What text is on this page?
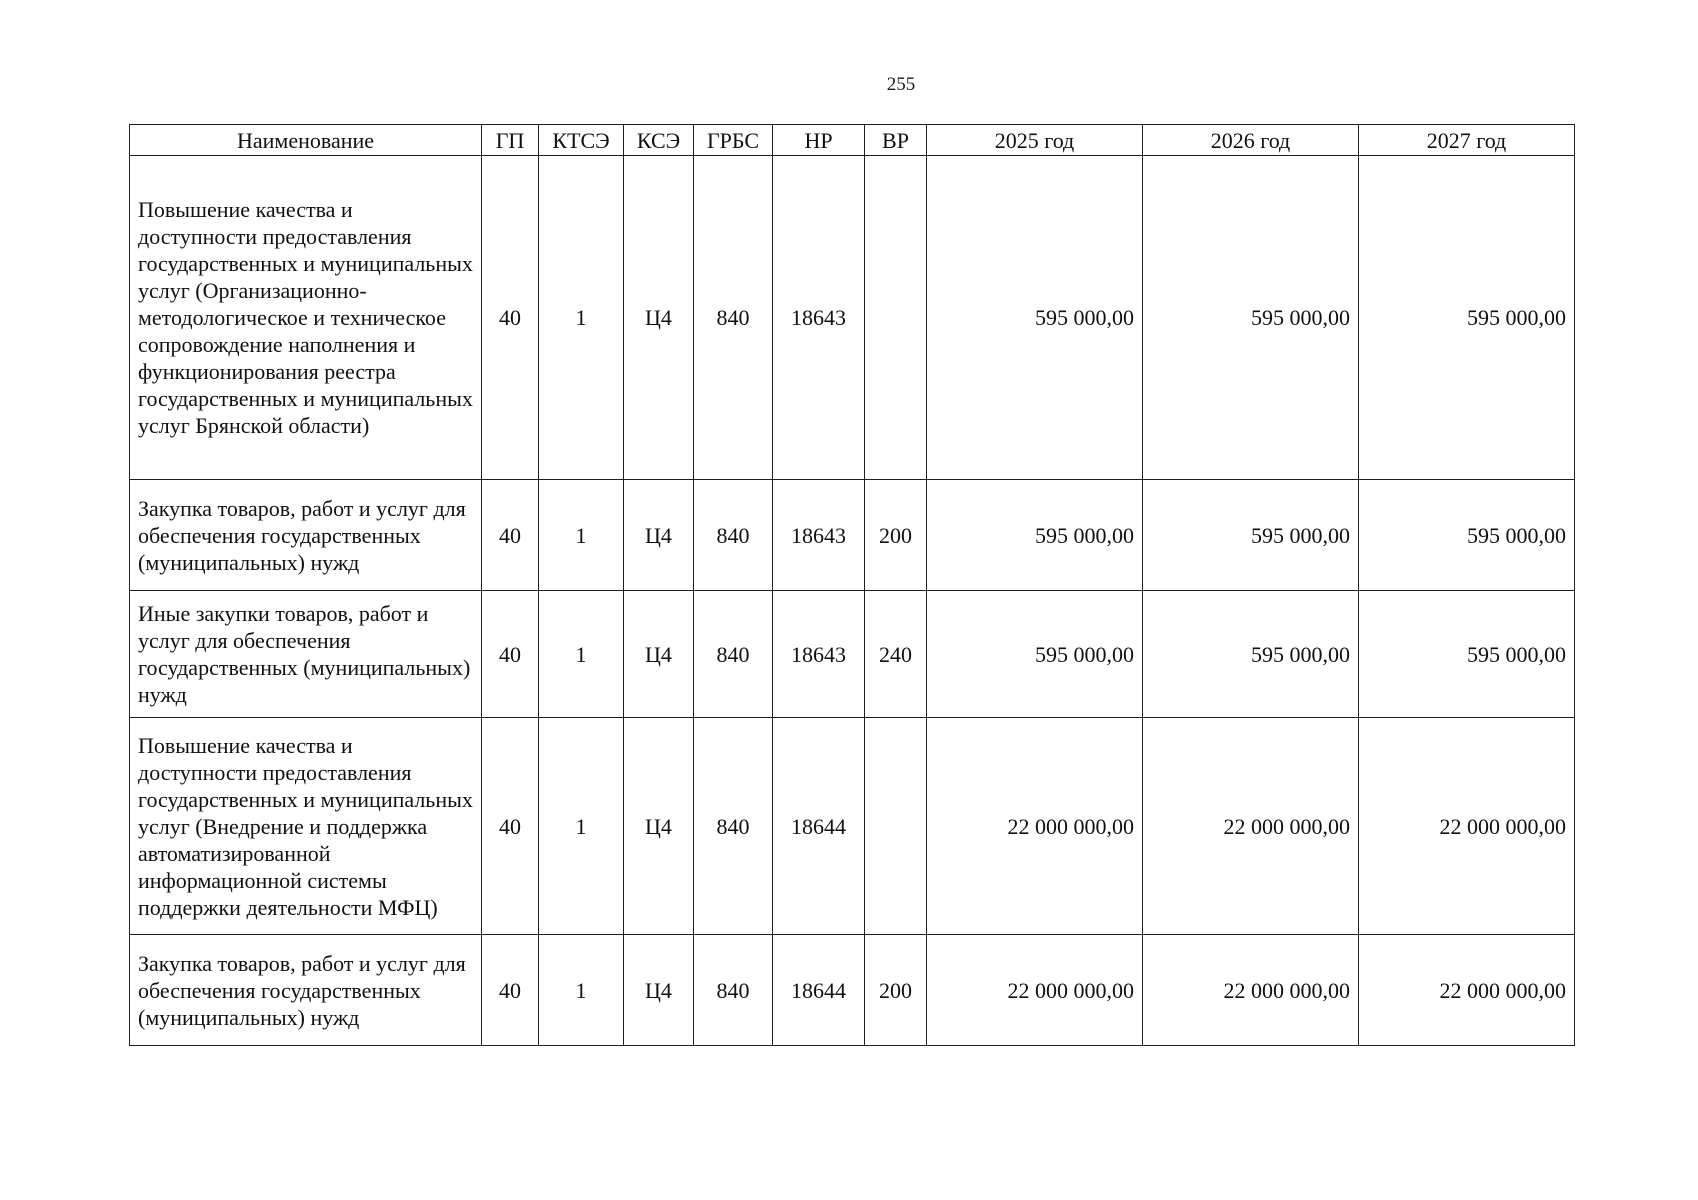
255
Наименование	ГП	КТСЭ	КСЭ	ГРБС	НР	ВР	2025 год	2026 год	2027 год
Повышение качества и доступности предоставления государственных и муниципальных услуг (Организационно-методологическое и техническое сопровождение наполнения и функционирования реестра государственных и муниципальных услуг Брянской области)	40	1	Ц4	840	18643		595 000,00	595 000,00	595 000,00
Закупка товаров, работ и услуг для обеспечения государственных (муниципальных) нужд	40	1	Ц4	840	18643	200	595 000,00	595 000,00	595 000,00
Иные закупки товаров, работ и услуг для обеспечения государственных (муниципальных) нужд	40	1	Ц4	840	18643	240	595 000,00	595 000,00	595 000,00
Повышение качества и доступности предоставления государственных и муниципальных услуг (Внедрение и поддержка автоматизированной информационной системы поддержки деятельности МФЦ)	40	1	Ц4	840	18644		22 000 000,00	22 000 000,00	22 000 000,00
Закупка товаров, работ и услуг для обеспечения государственных (муниципальных) нужд	40	1	Ц4	840	18644	200	22 000 000,00	22 000 000,00	22 000 000,00
